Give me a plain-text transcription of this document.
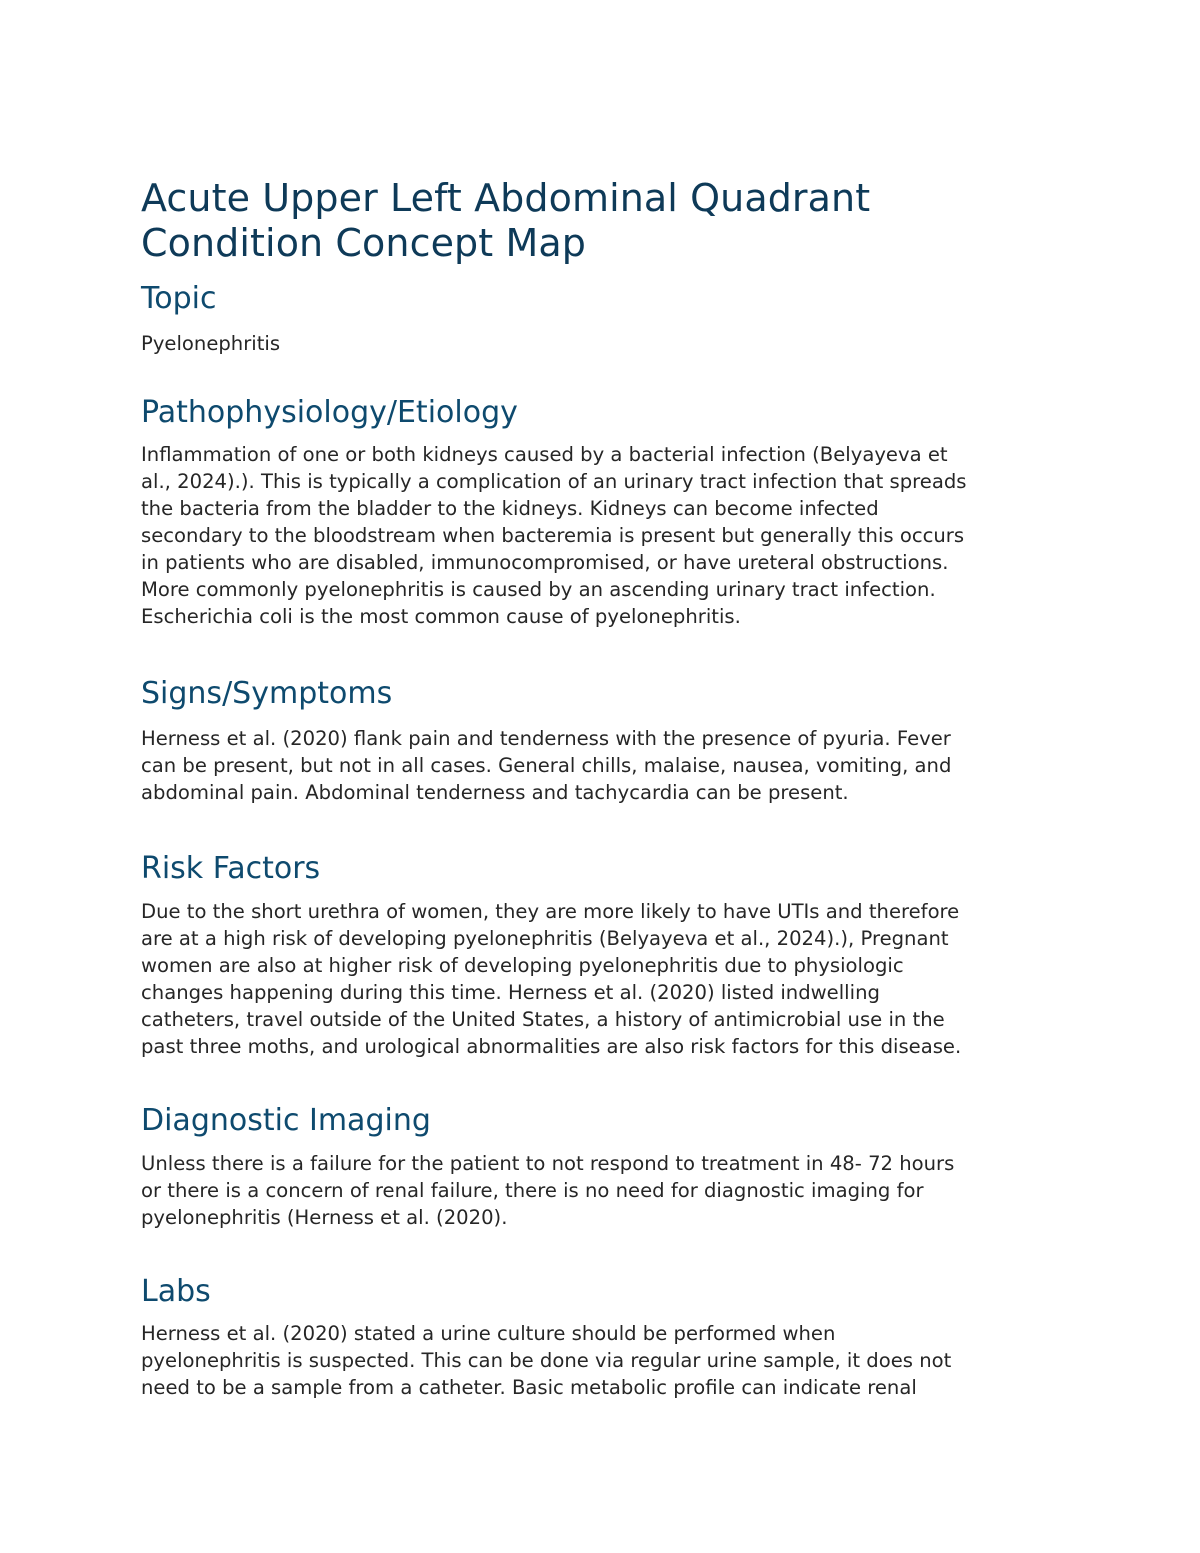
Acute Upper Left Abdominal Quadrant
Condition Concept Map
Topic

Pyelonephritis

Pathophysiology/Etiology

Inflammation of one or both kidneys caused by a bacterial infection (Belyayeva et
al., 2024).). This is typically a complication of an urinary tract infection that spreads
the bacteria from the bladder to the kidneys. Kidneys can become infected
secondary to the bloodstream when bacteremia is present but generally this occurs
in patients who are disabled, immunocompromised, or have ureteral obstructions.
More commonly pyelonephritis is caused by an ascending urinary tract infection.
Escherichia coli is the most common cause of pyelonephritis.

Signs/Symptoms

Herness et al. (2020) flank pain and tenderness with the presence of pyuria. Fever
can be present, but not in all cases. General chills, malaise, nausea, vomiting, and
abdominal pain. Abdominal tenderness and tachycardia can be present.

Risk Factors

Due to the short urethra of women, they are more likely to have UTIs and therefore
are at a high risk of developing pyelonephritis (Belyayeva et al., 2024).), Pregnant
women are also at higher risk of developing pyelonephritis due to physiologic
changes happening during this time. Herness et al. (2020) listed indwelling
catheters, travel outside of the United States, a history of antimicrobial use in the
past three moths, and urological abnormalities are also risk factors for this disease.

Diagnostic Imaging

Unless there is a failure for the patient to not respond to treatment in 48- 72 hours
or there is a concern of renal failure, there is no need for diagnostic imaging for
pyelonephritis (Herness et al. (2020).

Labs

Herness et al. (2020) stated a urine culture should be performed when
pyelonephritis is suspected. This can be done via regular urine sample, it does not
need to be a sample from a catheter. Basic metabolic profile can indicate renal
